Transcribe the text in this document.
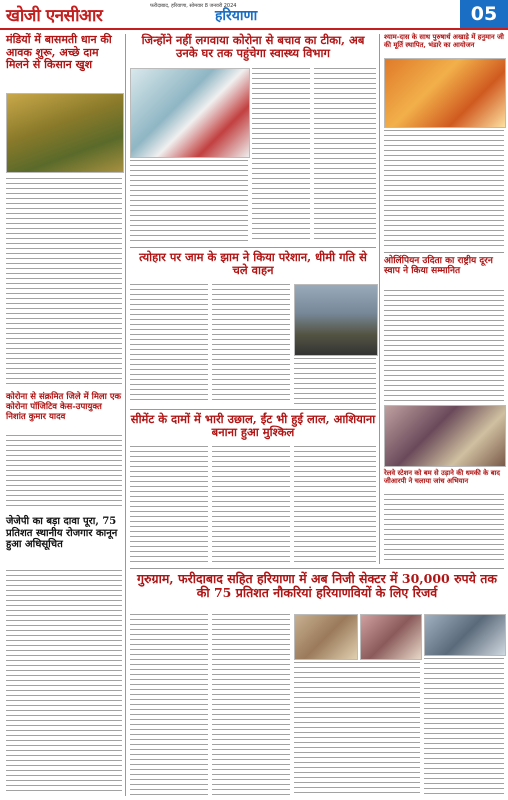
खोजी एनसीआर	फरीदाबाद, हरियाणा, सोमवार 8 जनवरी 2024
हरियाणा	05
मंडियों में बासमती धान की आवक शुरू, अच्छे दाम मिलने से किसान खुश
कोरोना से संक्रमित जिले में मिला एक कोरोना पॉजिटिव केस-उपायुक्त निशांत कुमार यादव
जेजेपी का बड़ा दावा पूरा, 75 प्रतिशत स्थानीय रोजगार कानून हुआ अधिसूचित
जिन्होंने नहीं लगवाया कोरोना से बचाव का टीका, अब उनके घर तक पहुंचेगा स्वास्थ्य विभाग
त्योहार पर जाम के झाम ने किया परेशान, धीमी गति से चले वाहन
सीमेंट के दामों में भारी उछाल, ईंट भी हुई लाल, आशियाना बनाना हुआ मुश्किल
श्याम-दास के साथ पुरुषार्थ अखाड़े में हनुमान जी की मूर्ति स्थापित, भंडारे का आयोजन
ओलिंपियन उदिता का राष्ट्रीय दूरन स्वाप ने किया सम्मानित
रेलवे स्टेशन को बम से उड़ाने की धमकी के बाद जीआरपी ने चलाया जांच अभियान
गुरुग्राम, फरीदाबाद सहित हरियाणा में अब निजी सेक्टर में 30,000 रुपये तक की 75 प्रतिशत नौकरियां हरियाणवियों के लिए रिजर्व
